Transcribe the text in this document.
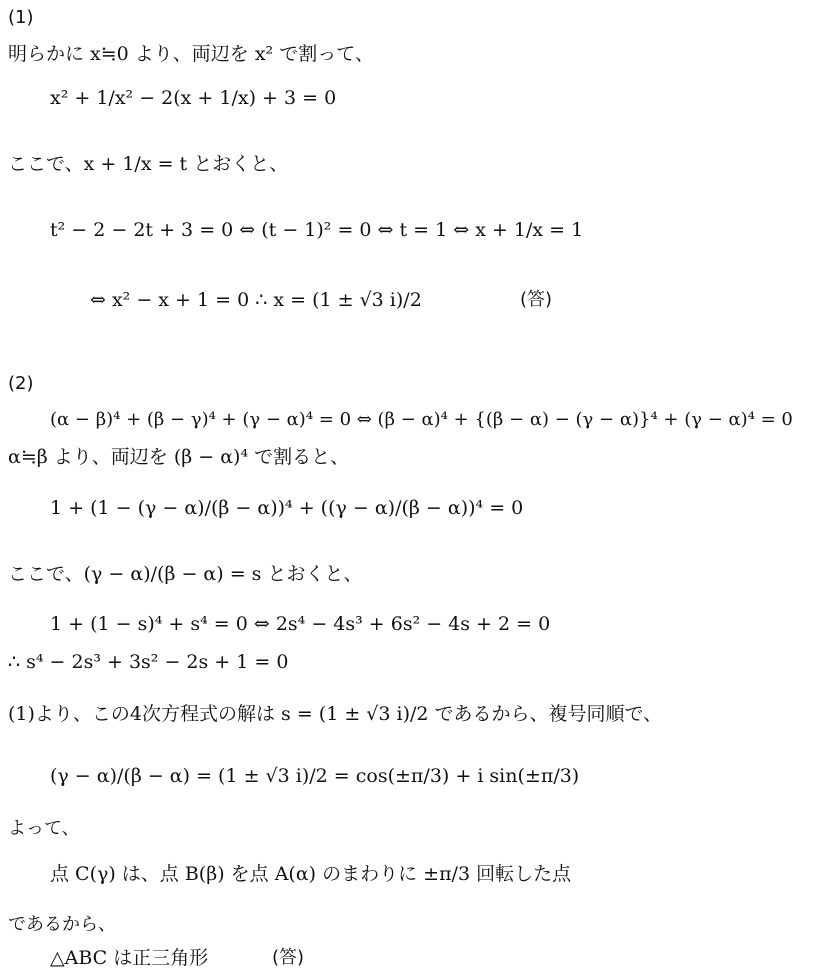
(1)
明らかに x≒0 より、両辺を x² で割って、
x² + 1/x² − 2(x + 1/x) + 3 = 0
ここで、x + 1/x = t とおくと、
t² − 2 − 2t + 3 = 0 ⇔ (t − 1)² = 0 ⇔ t = 1 ⇔ x + 1/x = 1
⇔ x² − x + 1 = 0 ∴ x = (1 ± √3 i)/2	(答)
(2)
(α − β)⁴ + (β − γ)⁴ + (γ − α)⁴ = 0 ⇔ (β − α)⁴ + {(β − α) − (γ − α)}⁴ + (γ − α)⁴ = 0
α≒β より、両辺を (β − α)⁴ で割ると、
1 + (1 − (γ − α)/(β − α))⁴ + ((γ − α)/(β − α))⁴ = 0
ここで、(γ − α)/(β − α) = s とおくと、
1 + (1 − s)⁴ + s⁴ = 0 ⇔ 2s⁴ − 4s³ + 6s² − 4s + 2 = 0
∴ s⁴ − 2s³ + 3s² − 2s + 1 = 0
(1)より、この4次方程式の解は s = (1 ± √3 i)/2 であるから、複号同順で、
(γ − α)/(β − α) = (1 ± √3 i)/2 = cos(±π/3) + i sin(±π/3)
よって、
点 C(γ) は、点 B(β) を点 A(α) のまわりに ±π/3 回転した点
であるから、
△ABC は正三角形	(答)
